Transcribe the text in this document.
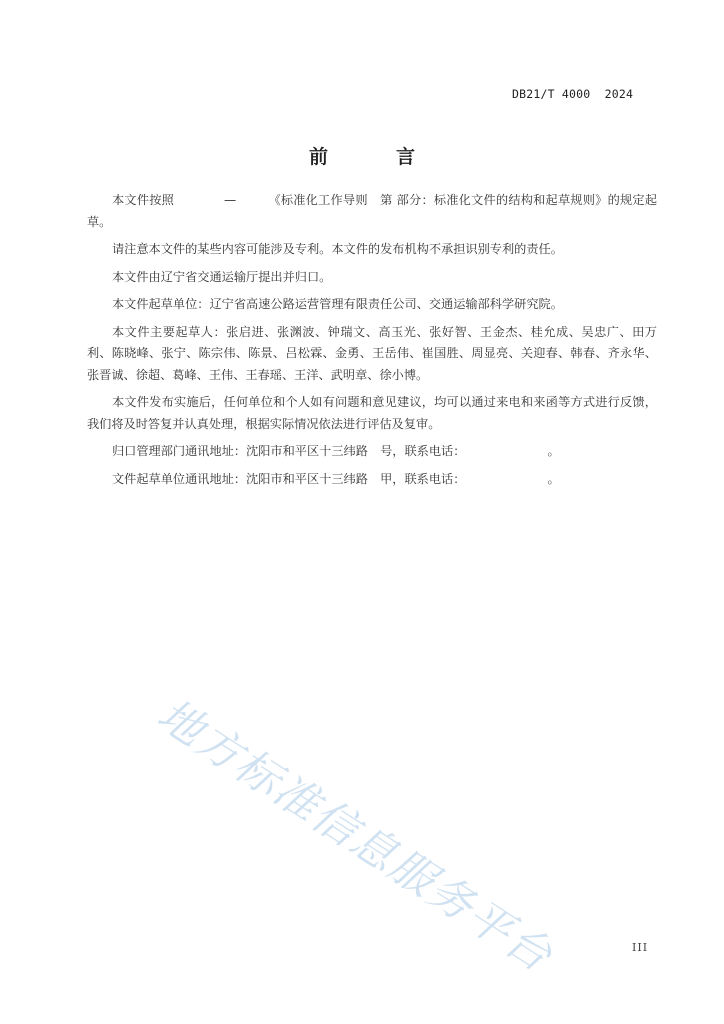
DB21/T 4000  2024
前	言

本文件按照	—	《标准化工作导则　第 部分：标准化文件的结构和起草规则》的规定起草。

请注意本文件的某些内容可能涉及专利。本文件的发布机构不承担识别专利的责任。

本文件由辽宁省交通运输厅提出并归口。

本文件起草单位：辽宁省高速公路运营管理有限责任公司、交通运输部科学研究院。

本文件主要起草人：张启进、张渊波、钟瑞文、高玉光、张好智、王金杰、桂允成、吴忠广、田万利、陈晓峰、张宁、陈宗伟、陈景、吕松霖、金勇、王岳伟、崔国胜、周显亮、关迎春、韩春、齐永华、张晋诚、徐超、葛峰、王伟、王春瑶、王洋、武明章、徐小博。

本文件发布实施后，任何单位和个人如有问题和意见建议，均可以通过来电和来函等方式进行反馈，我们将及时答复并认真处理，根据实际情况依法进行评估及复审。

归口管理部门通讯地址：沈阳市和平区十三纬路　号，联系电话：	。

文件起草单位通讯地址：沈阳市和平区十三纬路　甲，联系电话：	。

地方标准信息服务平台	III
